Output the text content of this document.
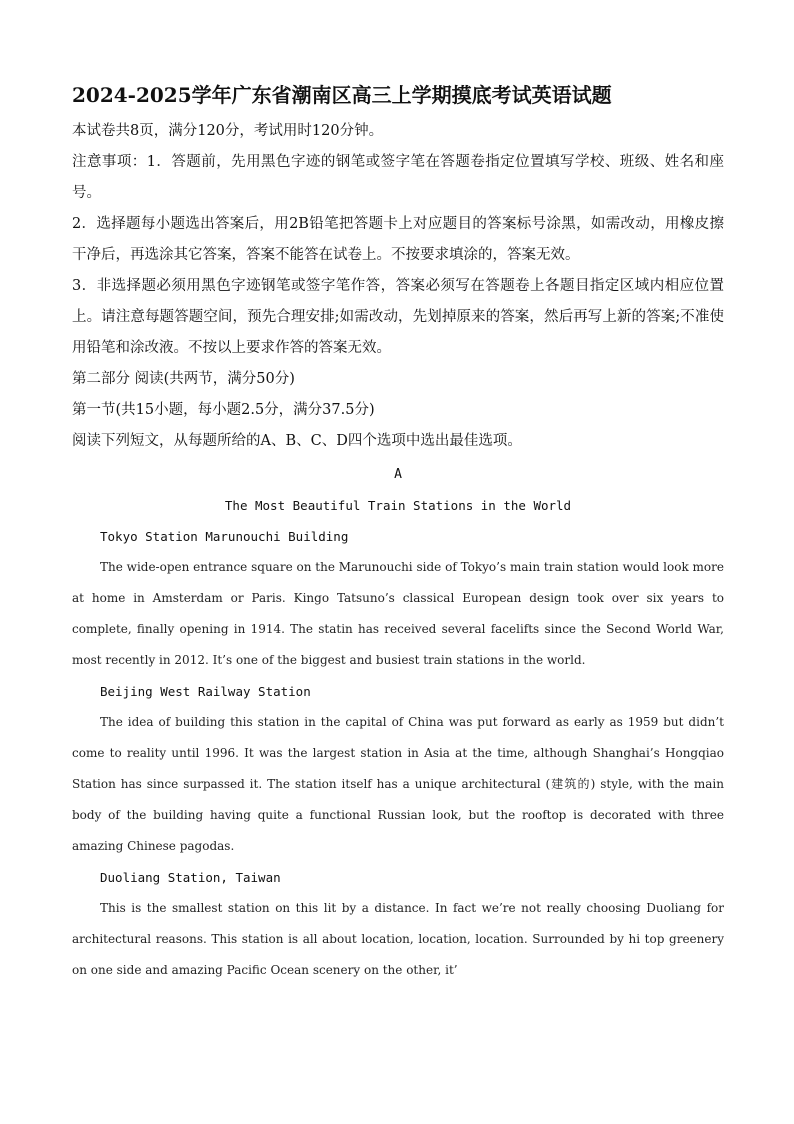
2024-2025学年广东省潮南区高三上学期摸底考试英语试题

本试卷共8页，满分120分，考试用时120分钟。

注意事项：1．答题前，先用黑色字迹的钢笔或签字笔在答题卷指定位置填写学校、班级、姓名和座号。

2．选择题每小题选出答案后，用2B铅笔把答题卡上对应题目的答案标号涂黑，如需改动，用橡皮擦干净后，再选涂其它答案，答案不能答在试卷上。不按要求填涂的，答案无效。

3．非选择题必须用黑色字迹钢笔或签字笔作答，答案必须写在答题卷上各题目指定区域内相应位置上。请注意每题答题空间，预先合理安排;如需改动，先划掉原来的答案，然后再写上新的答案;不准使用铅笔和涂改液。不按以上要求作答的答案无效。

第二部分 阅读(共两节，满分50分)

第一节(共15小题，每小题2.5分，满分37.5分)

阅读下列短文，从每题所给的A、B、C、D四个选项中选出最佳选项。

A

The Most Beautiful Train Stations in the World

Tokyo Station Marunouchi Building

The wide-open entrance square on the Marunouchi side of Tokyo’s main train station would look more at home in Amsterdam or Paris. Kingo Tatsuno’s classical European design took over six years to complete, finally opening in 1914. The statin has received several facelifts since the Second World War, most recently in 2012. It’s one of the biggest and busiest train stations in the world.

Beijing West Railway Station

The idea of building this station in the capital of China was put forward as early as 1959 but didn’t come to reality until 1996. It was the largest station in Asia at the time, although Shanghai’s Hongqiao Station has since surpassed it. The station itself has a unique architectural (建筑的) style, with the main body of the building having quite a functional Russian look, but the rooftop is decorated with three amazing Chinese pagodas.

Duoliang Station, Taiwan

This is the smallest station on this lit by a distance. In fact we’re not really choosing Duoliang for architectural reasons. This station is all about location, location, location. Surrounded by hi top greenery on one side and amazing Pacific Ocean scenery on the other, it’
